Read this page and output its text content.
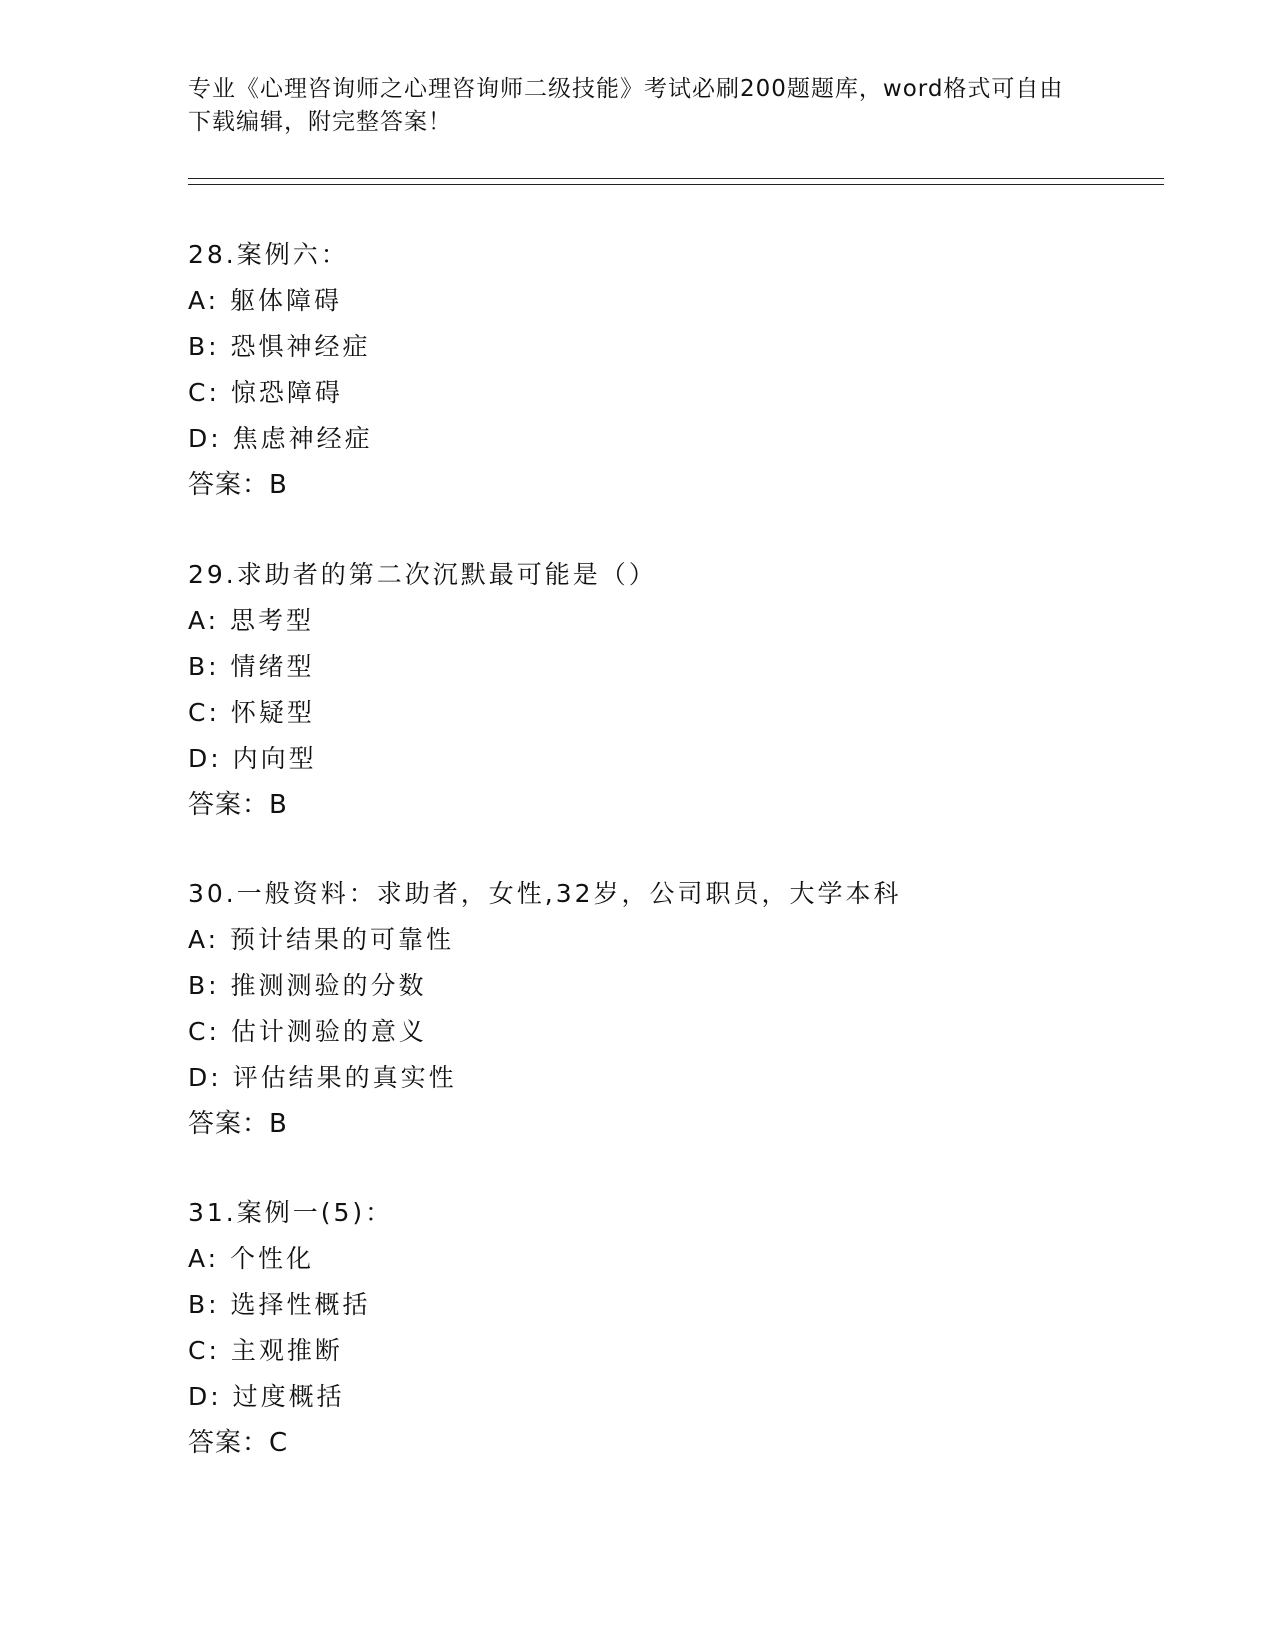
专业《心理咨询师之心理咨询师二级技能》考试必刷200题题库，word格式可自由下载编辑，附完整答案！
28.案例六：
A: 躯体障碍
B: 恐惧神经症
C: 惊恐障碍
D: 焦虑神经症
答案：B
29.求助者的第二次沉默最可能是（）
A: 思考型
B: 情绪型
C: 怀疑型
D: 内向型
答案：B
30.一般资料：求助者，女性,32岁，公司职员，大学本科
A: 预计结果的可靠性
B: 推测测验的分数
C: 估计测验的意义
D: 评估结果的真实性
答案：B
31.案例一(5)：
A: 个性化
B: 选择性概括
C: 主观推断
D: 过度概括
答案：C
